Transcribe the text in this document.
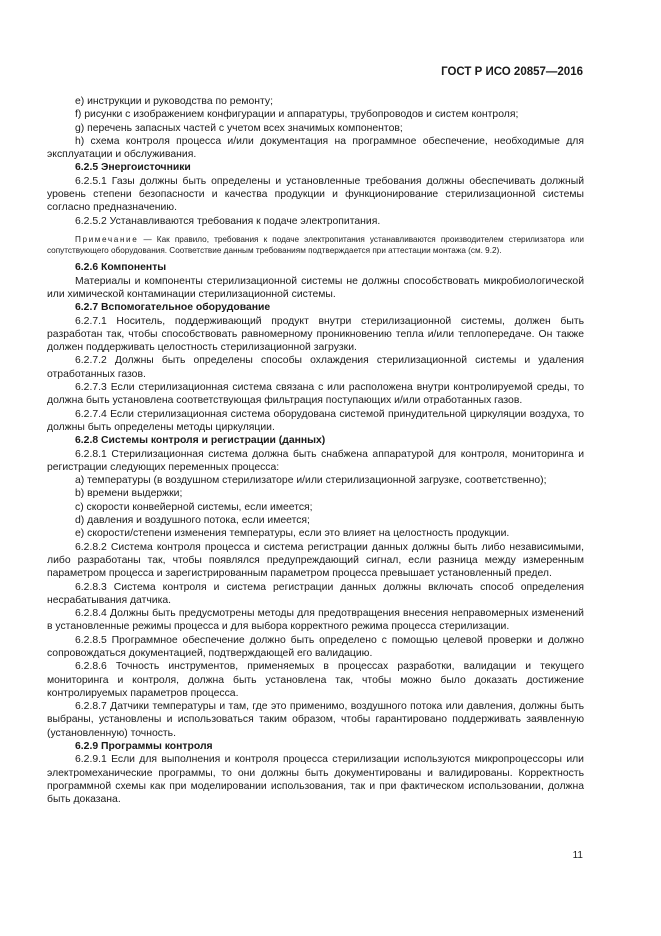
ГОСТ Р ИСО 20857—2016

e) инструкции и руководства по ремонту;

f) рисунки с изображением конфигурации и аппаратуры, трубопроводов и систем контроля;

g) перечень запасных частей с учетом всех значимых компонентов;

h) схема контроля процесса и/или документация на программное обеспечение, необходимые для эксплуатации и обслуживания.

6.2.5 Энергоисточники

6.2.5.1 Газы должны быть определены и установленные требования должны обеспечивать должный уровень степени безопасности и качества продукции и функционирование стерилизационной системы согласно предназначению.

6.2.5.2 Устанавливаются требования к подаче электропитания.

Примечание — Как правило, требования к подаче электропитания устанавливаются производителем стерилизатора или сопутствующего оборудования. Соответствие данным требованиям подтверждается при аттестации монтажа (см. 9.2).

6.2.6 Компоненты

Материалы и компоненты стерилизационной системы не должны способствовать микробиологической или химической контаминации стерилизационной системы.

6.2.7 Вспомогательное оборудование

6.2.7.1 Носитель, поддерживающий продукт внутри стерилизационной системы, должен быть разработан так, чтобы способствовать равномерному проникновению тепла и/или теплопередаче. Он также должен поддерживать целостность стерилизационной загрузки.

6.2.7.2 Должны быть определены способы охлаждения стерилизационной системы и удаления отработанных газов.

6.2.7.3 Если стерилизационная система связана с или расположена внутри контролируемой среды, то должна быть установлена соответствующая фильтрация поступающих и/или отработанных газов.

6.2.7.4 Если стерилизационная система оборудована системой принудительной циркуляции воздуха, то должны быть определены методы циркуляции.

6.2.8 Системы контроля и регистрации (данных)

6.2.8.1 Стерилизационная система должна быть снабжена аппаратурой для контроля, мониторинга и регистрации следующих переменных процесса:

a) температуры (в воздушном стерилизаторе и/или стерилизационной загрузке, соответственно);

b) времени выдержки;

c) скорости конвейерной системы, если имеется;

d) давления и воздушного потока, если имеется;

e) скорости/степени изменения температуры, если это влияет на целостность продукции.

6.2.8.2 Система контроля процесса и система регистрации данных должны быть либо независимыми, либо разработаны так, чтобы появлялся предупреждающий сигнал, если разница между измеренным параметром процесса и зарегистрированным параметром процесса превышает установленный предел.

6.2.8.3 Система контроля и система регистрации данных должны включать способ определения несрабатывания датчика.

6.2.8.4 Должны быть предусмотрены методы для предотвращения внесения неправомерных изменений в установленные режимы процесса и для выбора корректного режима процесса стерилизации.

6.2.8.5 Программное обеспечение должно быть определено с помощью целевой проверки и должно сопровождаться документацией, подтверждающей его валидацию.

6.2.8.6 Точность инструментов, применяемых в процессах разработки, валидации и текущего мониторинга и контроля, должна быть установлена так, чтобы можно было доказать достижение контролируемых параметров процесса.

6.2.8.7 Датчики температуры и там, где это применимо, воздушного потока или давления, должны быть выбраны, установлены и использоваться таким образом, чтобы гарантировано поддерживать заявленную (установленную) точность.

6.2.9 Программы контроля

6.2.9.1 Если для выполнения и контроля процесса стерилизации используются микропроцессоры или электромеханические программы, то они должны быть документированы и валидированы. Корректность программной схемы как при моделировании использования, так и при фактическом использовании, должна быть доказана.

11
